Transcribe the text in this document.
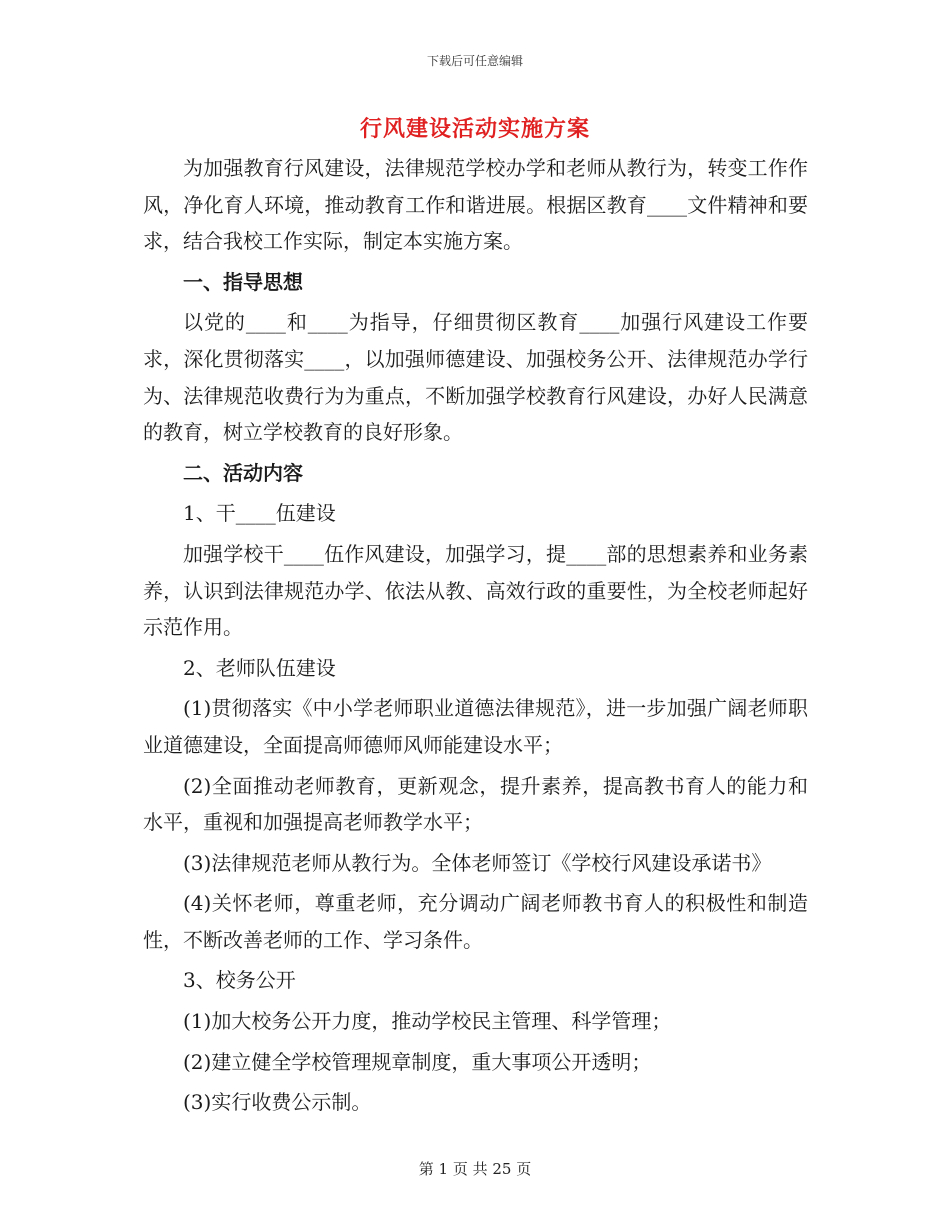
下载后可任意编辑
行风建设活动实施方案

为加强教育行风建设，法律规范学校办学和老师从教行为，转变工作作风，净化育人环境，推动教育工作和谐进展。根据区教育____文件精神和要求，结合我校工作实际，制定本实施方案。

一、指导思想

以党的____和____为指导，仔细贯彻区教育____加强行风建设工作要求，深化贯彻落实____，以加强师德建设、加强校务公开、法律规范办学行为、法律规范收费行为为重点，不断加强学校教育行风建设，办好人民满意的教育，树立学校教育的良好形象。

二、活动内容

1、干____伍建设

加强学校干____伍作风建设，加强学习，提____部的思想素养和业务素养，认识到法律规范办学、依法从教、高效行政的重要性，为全校老师起好示范作用。

2、老师队伍建设

(1)贯彻落实《中小学老师职业道德法律规范》，进一步加强广阔老师职业道德建设，全面提高师德师风师能建设水平；

(2)全面推动老师教育，更新观念，提升素养，提高教书育人的能力和水平，重视和加强提高老师教学水平；

(3)法律规范老师从教行为。全体老师签订《学校行风建设承诺书》

(4)关怀老师，尊重老师，充分调动广阔老师教书育人的积极性和制造性，不断改善老师的工作、学习条件。

3、校务公开

(1)加大校务公开力度，推动学校民主管理、科学管理；

(2)建立健全学校管理规章制度，重大事项公开透明；

(3)实行收费公示制。

第 1 页 共 25 页
